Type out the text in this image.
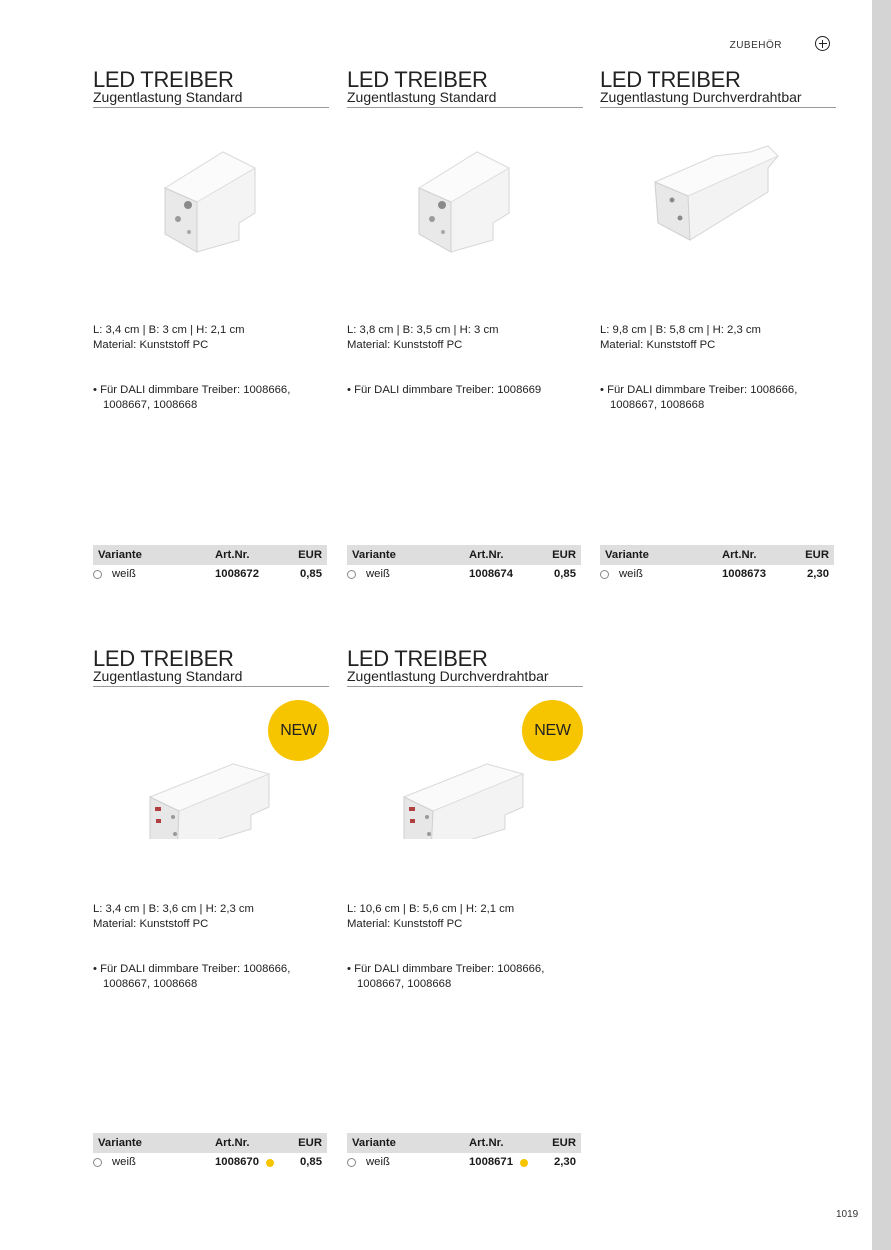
ZUBEHÖR
LED TREIBER
Zugentlastung Standard
L: 3,4 cm | B: 3 cm | H: 2,1 cm
Material: Kunststoff PC
• Für DALI dimmbare Treiber: 1008666, 1008667, 1008668
Variante	Art.Nr.	EUR
weiß	1008672	0,85
LED TREIBER
Zugentlastung Standard
L: 3,8 cm | B: 3,5 cm | H: 3 cm
Material: Kunststoff PC
• Für DALI dimmbare Treiber: 1008669
Variante	Art.Nr.	EUR
weiß	1008674	0,85
LED TREIBER
Zugentlastung Durchverdrahtbar
L: 9,8 cm | B: 5,8 cm | H: 2,3 cm
Material: Kunststoff PC
• Für DALI dimmbare Treiber: 1008666, 1008667, 1008668
Variante	Art.Nr.	EUR
weiß	1008673	2,30
LED TREIBER
Zugentlastung Standard
NEW
L: 3,4 cm | B: 3,6 cm | H: 2,3 cm
Material: Kunststoff PC
• Für DALI dimmbare Treiber: 1008666, 1008667, 1008668
Variante	Art.Nr.	EUR
weiß	1008670	0,85
LED TREIBER
Zugentlastung Durchverdrahtbar
NEW
L: 10,6 cm | B: 5,6 cm | H: 2,1 cm
Material: Kunststoff PC
• Für DALI dimmbare Treiber: 1008666, 1008667, 1008668
Variante	Art.Nr.	EUR
weiß	1008671	2,30
1019
